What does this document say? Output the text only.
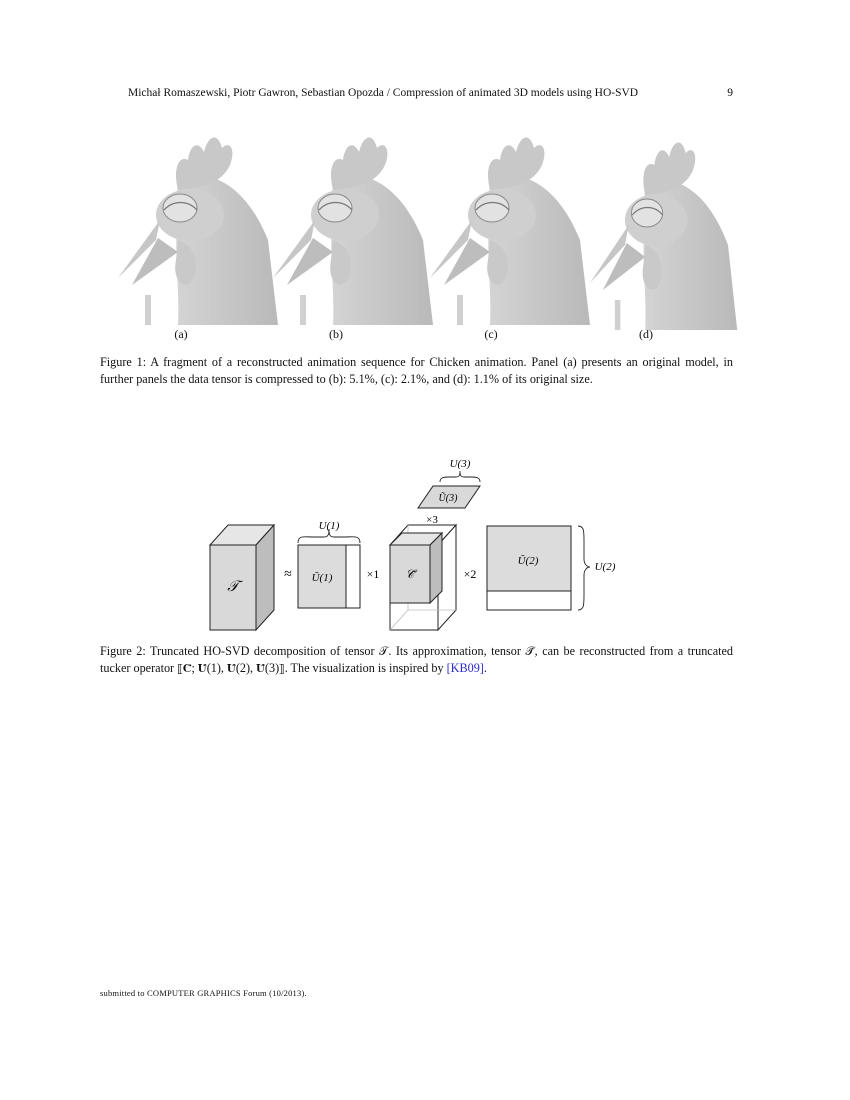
Michał Romaszewski, Piotr Gawron, Sebastian Opozda / Compression of animated 3D models using HO-SVD	9
(a)	(b)	(c)	(d)

Figure 1: A fragment of a reconstructed animation sequence for Chicken animation. Panel (a) presents an original model, in further panels the data tensor is compressed to (b): 5.1%, (c): 2.1%, and (d): 1.1% of its original size.

𝒯
≈
U(1)
Ũ(1)	×1 𝒞̃
Ũ(3)
U(3)
×3
×2
Ũ(2)	U(2)

Figure 2: Truncated HO-SVD decomposition of tensor 𝒯. Its approximation, tensor 𝒯̃, can be reconstructed from a truncated tucker operator ⟦𝐂̃; 𝐔̃(1), 𝐔̃(2), 𝐔̃(3)⟧. The visualization is inspired by [KB09].

submitted to COMPUTER GRAPHICS Forum (10/2013).
